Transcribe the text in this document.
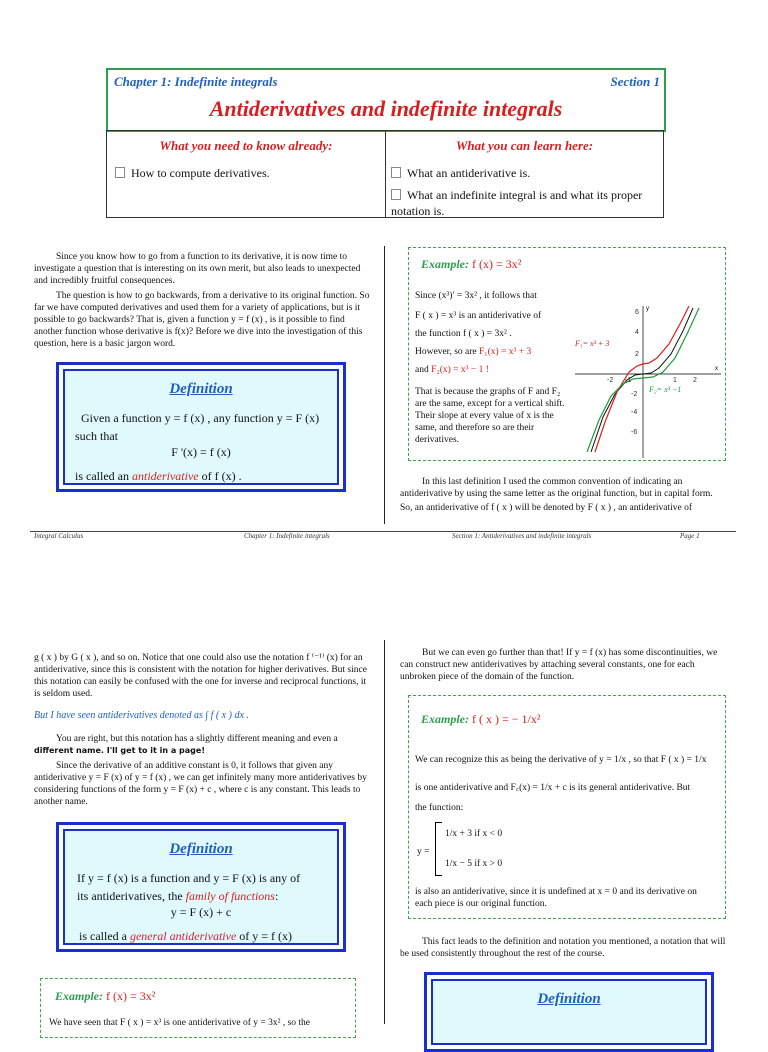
Chapter 1: Indefinite integrals	Section 1
Antiderivatives and indefinite integrals
What you need to know already:	What you can learn here:
How to compute derivatives.	What an antiderivative is.
What an indefinite integral is and what its proper notation is.
Since you know how to go from a function to its derivative, it is now time to investigate a question that is interesting on its own merit, but also leads to unexpected and incredibly fruitful consequences.
The question is how to go backwards, from a derivative to its original function. So far we have computed derivatives and used them for a variety of applications, but is it possible to go backwards? That is, given a function y = f (x) , is it possible to find another function whose derivative is f(x)? Before we dive into the investigation of this question, here is a basic jargon word.
Definition
Given a function y = f (x) , any function y = F (x)
such that
F '(x) = f (x)
is called an antiderivative of f (x) .
Example: f (x) = 3x²
Since (x³)′ = 3x² , it follows that
F ( x ) = x³ is an antiderivative of
the function f ( x ) = 3x² .
However, so are F₁(x) = x³ + 3
and F₂(x) = x³ − 1 !
That is because the graphs of F and F₂ are the same, except for a vertical shift. Their slope at every value of x is the same, and therefore so are their derivatives.
F₁= x³ + 3
F₂= x³ −1
y
x
-2 -1	1 2
6
4
2
-2
-4
-6
In this last definition I used the common convention of indicating an antiderivative by using the same letter as the original function, but in capital form.
So, an antiderivative of f ( x ) will be denoted by F ( x ) , an antiderivative of
Integral Calculus	Chapter 1: Indefinite integrals	Section 1: Antiderivatives and indefinite integrals	Page 1
g ( x ) by G ( x ), and so on. Notice that one could also use the notation f ⁽⁻¹⁾ (x) for an antiderivative, since this is consistent with the notation for higher derivatives. But since this notation can easily be confused with the one for inverse and reciprocal functions, it is seldom used.
But I have seen antiderivatives denoted as ∫ f ( x ) dx .
You are right, but this notation has a slightly different meaning and even a different name. I'll get to it in a page!
Since the derivative of an additive constant is 0, it follows that given any antiderivative y = F (x) of y = f (x) , we can get infinitely many more antiderivatives by considering functions of the form y = F (x) + c , where c is any constant. This leads to another name.
Definition
If y = f (x) is a function and y = F (x) is any of
its antiderivatives, the family of functions:
y = F (x) + c
is called a general antiderivative of y = f (x)
Example: f (x) = 3x²
We have seen that F ( x ) = x³ is one antiderivative of y = 3x² , so the
But we can even go further than that! If y = f (x) has some discontinuities, we can construct new antiderivatives by attaching several constants, one for each unbroken piece of the domain of the function.
Example: f ( x ) = − 1/x²
We can recognize this as being the derivative of y = 1/x , so that F ( x ) = 1/x
is one antiderivative and F꜀(x) = 1/x + c is its general antiderivative. But
the function:
y =
1/x + 3 if x < 0
1/x − 5 if x > 0
is also an antiderivative, since it is undefined at x = 0 and its derivative on each piece is our original function.
This fact leads to the definition and notation you mentioned, a notation that will be used consistently throughout the rest of the course.
Definition
